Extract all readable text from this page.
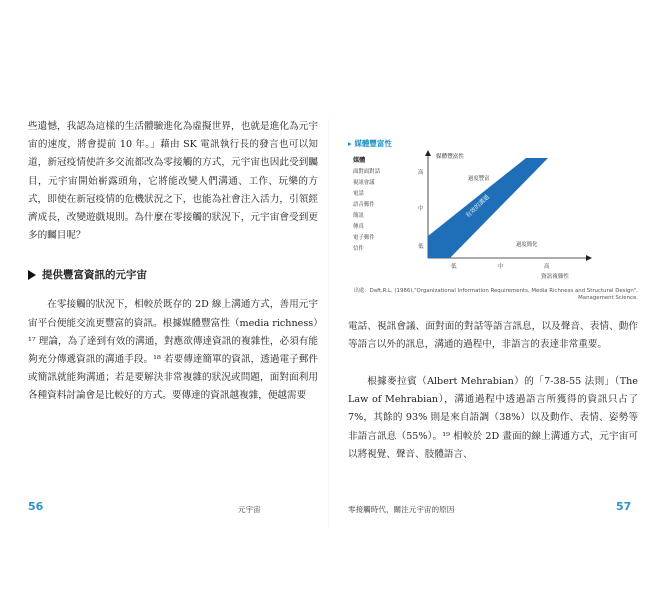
些遺憾，我認為這樣的生活體驗進化為虛擬世界，也就是進化為元宇宙的速度，將會提前 10 年。」藉由 SK 電訊執行長的發言也可以知道，新冠疫情使許多交流都改為零接觸的方式，元宇宙也因此受到矚目，元宇宙開始嶄露頭角，它將能改變人們溝通、工作、玩樂的方式，即使在新冠疫情的危機狀況之下，也能為社會注入活力，引領經濟成長，改變遊戲規則。為什麼在零接觸的狀況下，元宇宙會受到更多的矚目呢？

提供豐富資訊的元宇宙

在零接觸的狀況下，相較於既存的 2D 線上溝通方式，善用元宇宙平台便能交流更豐富的資訊。根據媒體豐富性（media richness）¹⁷ 理論，為了達到有效的溝通，對應欲傳達資訊的複雜性，必須有能夠充分傳遞資訊的溝通手段。¹⁸ 若要傳達簡單的資訊，透過電子郵件或簡訊就能夠溝通；若是要解決非常複雜的狀況或問題，面對面利用各種資料討論會是比較好的方式。要傳達的資訊越複雜，便越需要

56	元宇宙
▸ 媒體豐富性
媒體	媒體豐富性
面對面對話
視訊會議
電話
語音郵件
簡訊
傳真
電子郵件
信件
高
中
低
低	中	高
資訊複雜性
過度豐富
過度簡化
有效的溝通
出處：Daft,R.L. (1986),"Organizational Information Requirements, Media Richness and Structural Design", Management Science.

電話、視訊會議、面對面的對話等語言訊息，以及聲音、表情、動作等語言以外的訊息，溝通的過程中，非語言的表達非常重要。

根據麥拉賓（Albert Mehrabian）的「7-38-55 法則」（The Law of Mehrabian），溝通過程中透過語言所獲得的資訊只占了 7%，其餘的 93% 則是來自語調（38%）以及動作、表情、姿勢等非語言訊息（55%）。¹⁹ 相較於 2D 畫面的線上溝通方式，元宇宙可以將視覺、聲音、肢體語言、

零接觸時代，關注元宇宙的原因	57
